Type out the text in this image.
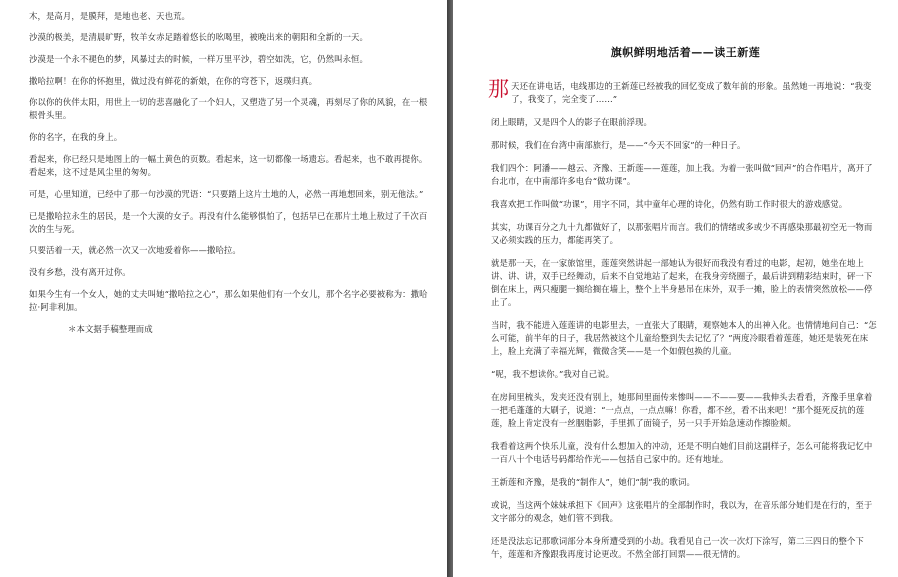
木，是高月，是膜拜，是地也老、天也荒。

沙漠的极美，是清晨旷野，牧羊女赤足踏着悠长的吆喝里，被晚出来的朝阳和全新的一天。

沙漠是一个永不褪色的梦，风暴过去的时候，一样万里平沙，碧空如洗，它，仍然叫永恒。

撒哈拉啊！在你的怀抱里，做过没有鲜花的新娘，在你的穹苍下，返璞归真。

你以你的伙伴太阳，用世上一切的悲喜融化了一个妇人，又塑造了另一个灵魂，再刻尽了你的风貌，在一根根骨头里。

你的名字，在我的身上。

看起来，你已经只是地图上的一幅土黄色的页数。看起来，这一切都像一场遗忘。看起来，也不敢再提你。看起来，这不过是风尘里的匆匆。

可是，心里知道，已经中了那一句沙漠的咒语：“只要踏上这片土地的人，必然一再地想回来，别无他法。”

已是撒哈拉永生的居民，是一个大漠的女子。再没有什么能够惧怕了，包括早已在那片土地上敖过了千次百次的生与死。

只要活着一天，就必然一次又一次地爱着你——撒哈拉。

没有乡愁，没有离开过你。

如果今生有一个女人，她的丈夫叫她“撒哈拉之心”，那么如果他们有一个女儿，那个名字必要被称为：撒哈拉·阿非利加。

＊本文据手稿整理而成

旗帜鲜明地活着——读王新莲

那天还在讲电话，电线那边的王新莲已经被我的回忆变成了数年前的形象。虽然她一再地说：“我变了，我变了，完全变了……”

闭上眼睛，又是四个人的影子在眼前浮现。

那时候，我们在台湾中南部旅行，是——“今天不回家”的一种日子。

我们四个：阿潘——越云、齐豫、王新莲——莲莲，加上我。为着一张叫做“回声”的合作唱片，离开了台北市，在中南部许多电台“做功课”。

我喜欢把工作叫做“功课”，用字不同，其中童年心理的诗化，仍然有助工作时很大的游戏感觉。

其实，功课百分之九十九都做好了，以那张唱片而言。我们的情绪或多或少不再感染那最初空无一物而又必须实践的压力，都能再笑了。

就是那一天，在一家旅馆里，莲莲突然讲起一部她认为很好而我没有看过的电影，起初，她坐在地上讲、讲、讲，双手已经舞动，后来不自觉地站了起来，在我身旁绕圈子，最后讲到精彩结束时，砰一下倒在床上，两只瘦腿一搁给搁在墙上，整个上半身悬吊在床外，双手一摊，脸上的表情突然放松——停止了。

当时，我不能进入莲莲讲的电影里去，一直张大了眼睛，观察她本人的出神入化。也情情地问自己：“怎么可能，前半年的日子，我居然被这个儿童给整到失去记忆了？”两度冷眼看着莲莲，她还是装死在床上，脸上充满了幸福光辉，微微含笑——是一个如假包换的儿童。

“呢，我不想读你。”我对自己说。

在房间里梳头，发夹还没有别上，她那间里面传来惨叫——不——要——我伸头去看看，齐豫手里拿着一把毛蓬蓬的大刷子，说道：“一点点，一点点嘛！你看，都不丝，看不出来吧！”那个挺死反抗的莲莲，脸上肯定没有一丝胭脂影，手里抓了面镜子，另一只手开始急速动作擦脸颊。

我看着这两个快乐儿童，没有什么想加入的冲动，还是不明白她们目前这副样子，怎么可能将我记忆中一百八十个电话号码都给作光——包括自己家中的。还有地址。

王新莲和齐豫，是我的“制作人”，她们“制”我的歌词。

或说，当这两个妹妹承担下《回声》这张唱片的全部制作时，我以为，在音乐部分她们是在行的，至于文字部分的观念，她们管不到我。

还是没法忘记那歌词部分本身所遭受到的小劫。我看见自己一次一次灯下涂写，第二三四日的整个下午，莲莲和齐豫跟我再度讨论更改。不然全部打回票——很无情的。
